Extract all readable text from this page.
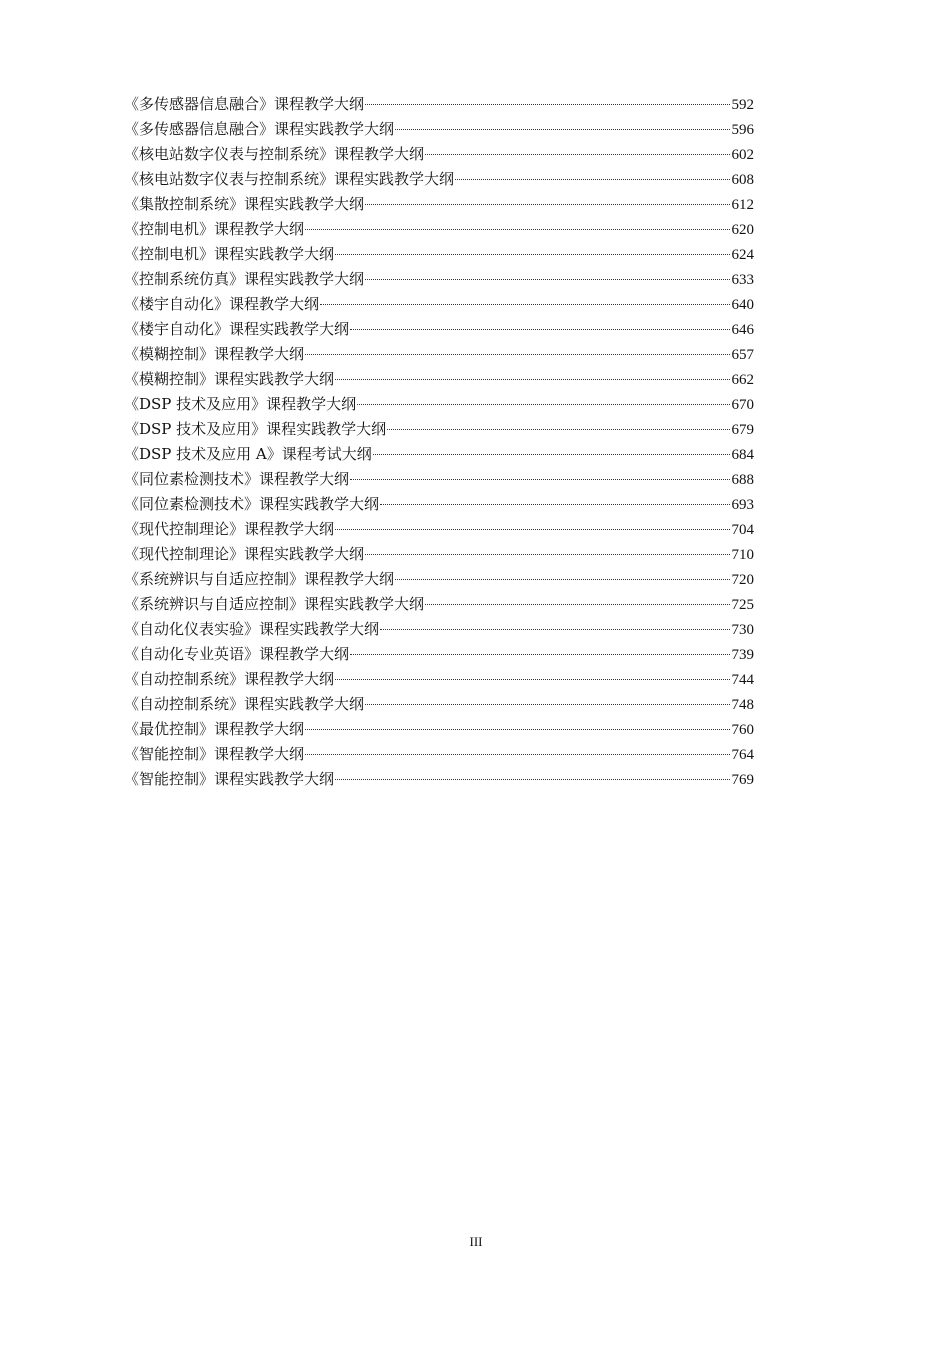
《多传感器信息融合》课程教学大纲	592
《多传感器信息融合》课程实践教学大纲	596
《核电站数字仪表与控制系统》课程教学大纲	602
《核电站数字仪表与控制系统》课程实践教学大纲	608
《集散控制系统》课程实践教学大纲	612
《控制电机》课程教学大纲	620
《控制电机》课程实践教学大纲	624
《控制系统仿真》课程实践教学大纲	633
《楼宇自动化》课程教学大纲	640
《楼宇自动化》课程实践教学大纲	646
《模糊控制》课程教学大纲	657
《模糊控制》课程实践教学大纲	662
《DSP 技术及应用》课程教学大纲	670
《DSP 技术及应用》课程实践教学大纲	679
《DSP 技术及应用 A》课程考试大纲	684
《同位素检测技术》课程教学大纲	688
《同位素检测技术》课程实践教学大纲	693
《现代控制理论》课程教学大纲	704
《现代控制理论》课程实践教学大纲	710
《系统辨识与自适应控制》课程教学大纲	720
《系统辨识与自适应控制》课程实践教学大纲	725
《自动化仪表实验》课程实践教学大纲	730
《自动化专业英语》课程教学大纲	739
《自动控制系统》课程教学大纲	744
《自动控制系统》课程实践教学大纲	748
《最优控制》课程教学大纲	760
《智能控制》课程教学大纲	764
《智能控制》课程实践教学大纲	769
III
